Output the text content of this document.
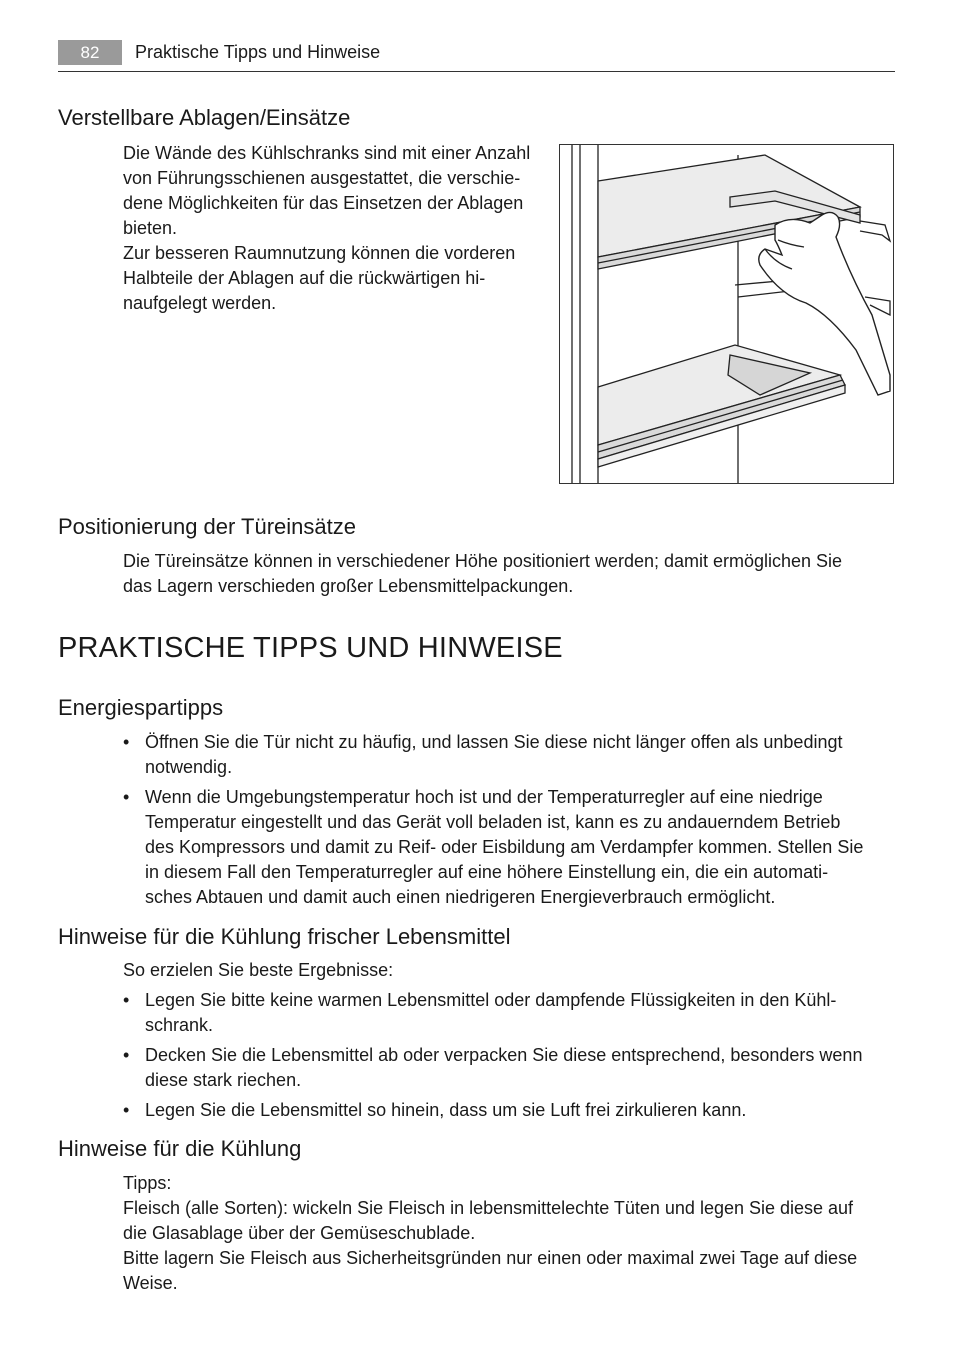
82	Praktische Tipps und Hinweise
Verstellbare Ablagen/Einsätze
Die Wände des Kühlschranks sind mit einer Anzahl
von Führungsschienen ausgestattet, die verschie-
dene Möglichkeiten für das Einsetzen der Ablagen
bieten.
Zur besseren Raumnutzung können die vorderen
Halbteile der Ablagen auf die rückwärtigen hi-
naufgelegt werden.
Positionierung der Türeinsätze
Die Türeinsätze können in verschiedener Höhe positioniert werden; damit ermöglichen Sie
das Lagern verschieden großer Lebensmittelpackungen.
PRAKTISCHE TIPPS UND HINWEISE
Energiespartipps
• Öffnen Sie die Tür nicht zu häufig, und lassen Sie diese nicht länger offen als unbedingt
notwendig.
• Wenn die Umgebungstemperatur hoch ist und der Temperaturregler auf eine niedrige
Temperatur eingestellt und das Gerät voll beladen ist, kann es zu andauerndem Betrieb
des Kompressors und damit zu Reif- oder Eisbildung am Verdampfer kommen. Stellen Sie
in diesem Fall den Temperaturregler auf eine höhere Einstellung ein, die ein automati-
sches Abtauen und damit auch einen niedrigeren Energieverbrauch ermöglicht.
Hinweise für die Kühlung frischer Lebensmittel
So erzielen Sie beste Ergebnisse:
• Legen Sie bitte keine warmen Lebensmittel oder dampfende Flüssigkeiten in den Kühl-
schrank.
• Decken Sie die Lebensmittel ab oder verpacken Sie diese entsprechend, besonders wenn
diese stark riechen.
• Legen Sie die Lebensmittel so hinein, dass um sie Luft frei zirkulieren kann.
Hinweise für die Kühlung
Tipps:
Fleisch (alle Sorten): wickeln Sie Fleisch in lebensmittelechte Tüten und legen Sie diese auf
die Glasablage über der Gemüseschublade.
Bitte lagern Sie Fleisch aus Sicherheitsgründen nur einen oder maximal zwei Tage auf diese
Weise.
